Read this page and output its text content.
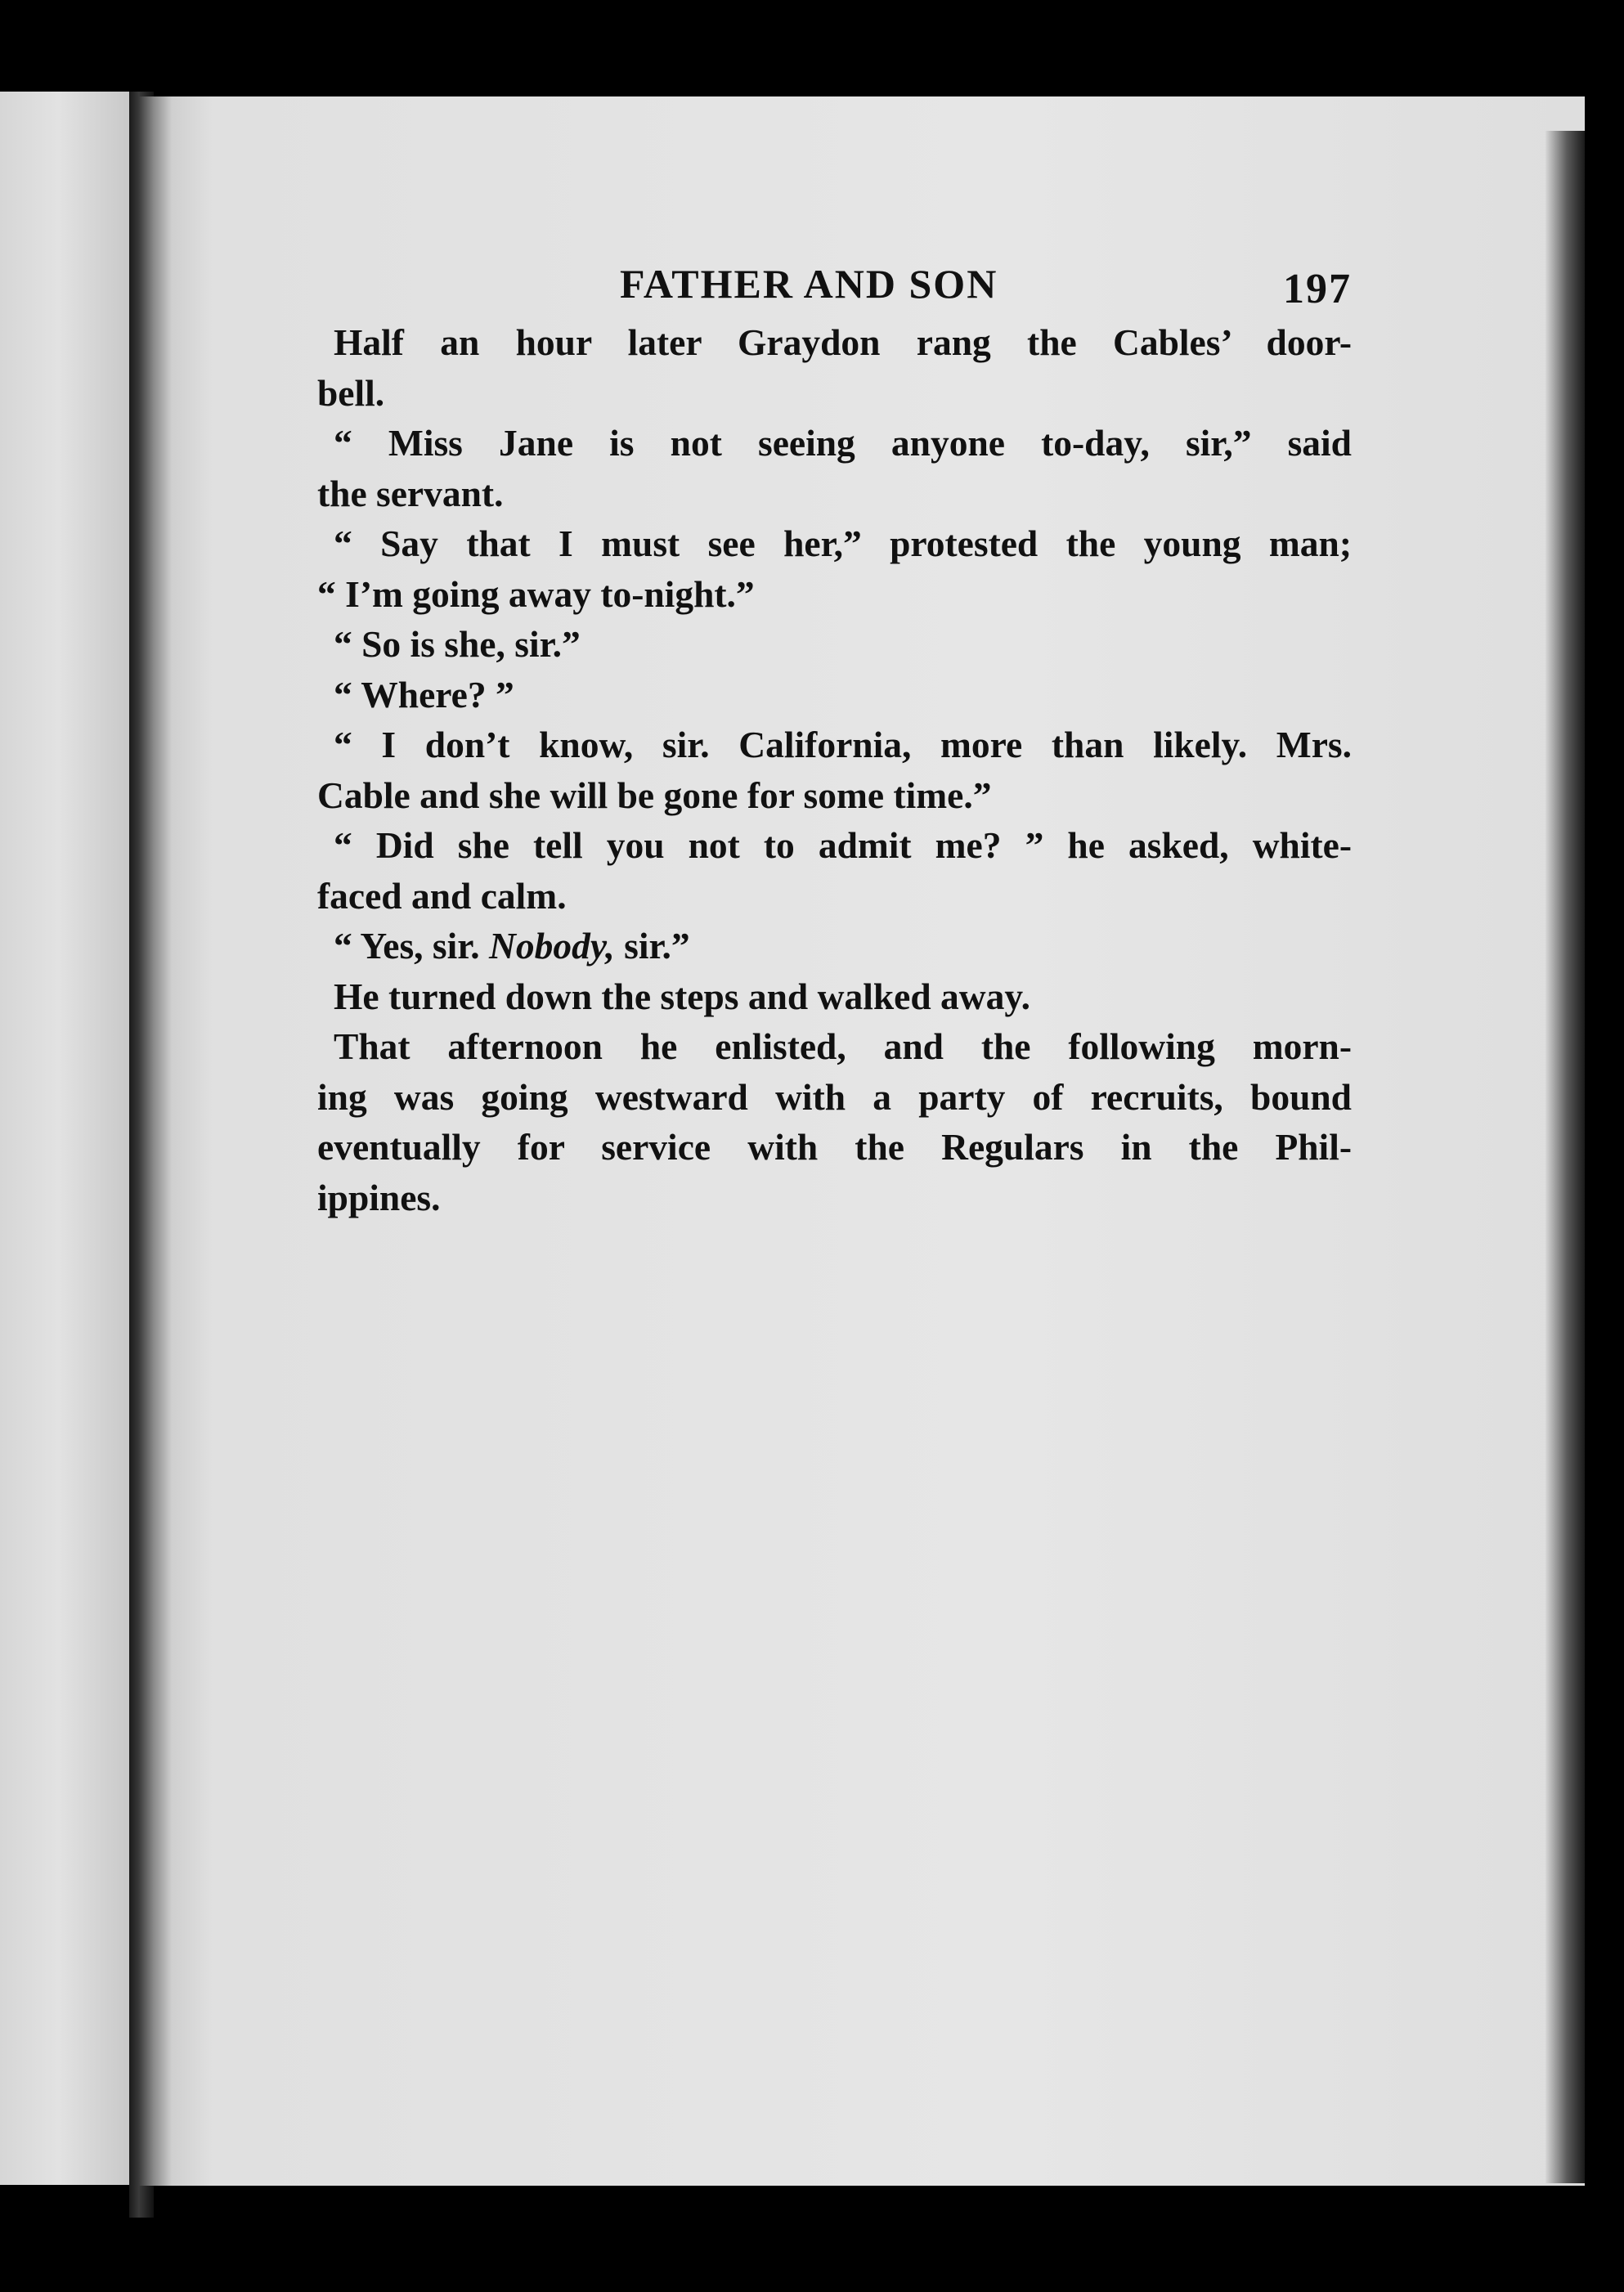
FATHER AND SON	197
Half an hour later Graydon rang the Cables’ door-
bell.
“ Miss Jane is not seeing anyone to-day, sir,” said
the servant.
“ Say that I must see her,” protested the young man;
“ I’m going away to-night.”
“ So is she, sir.”
“ Where? ”
“ I don’t know, sir. California, more than likely. Mrs.
Cable and she will be gone for some time.”
“ Did she tell you not to admit me? ” he asked, white-
faced and calm.
“ Yes, sir. Nobody, sir.”
He turned down the steps and walked away.
That afternoon he enlisted, and the following morn-
ing was going westward with a party of recruits, bound
eventually for service with the Regulars in the Phil-
ippines.
